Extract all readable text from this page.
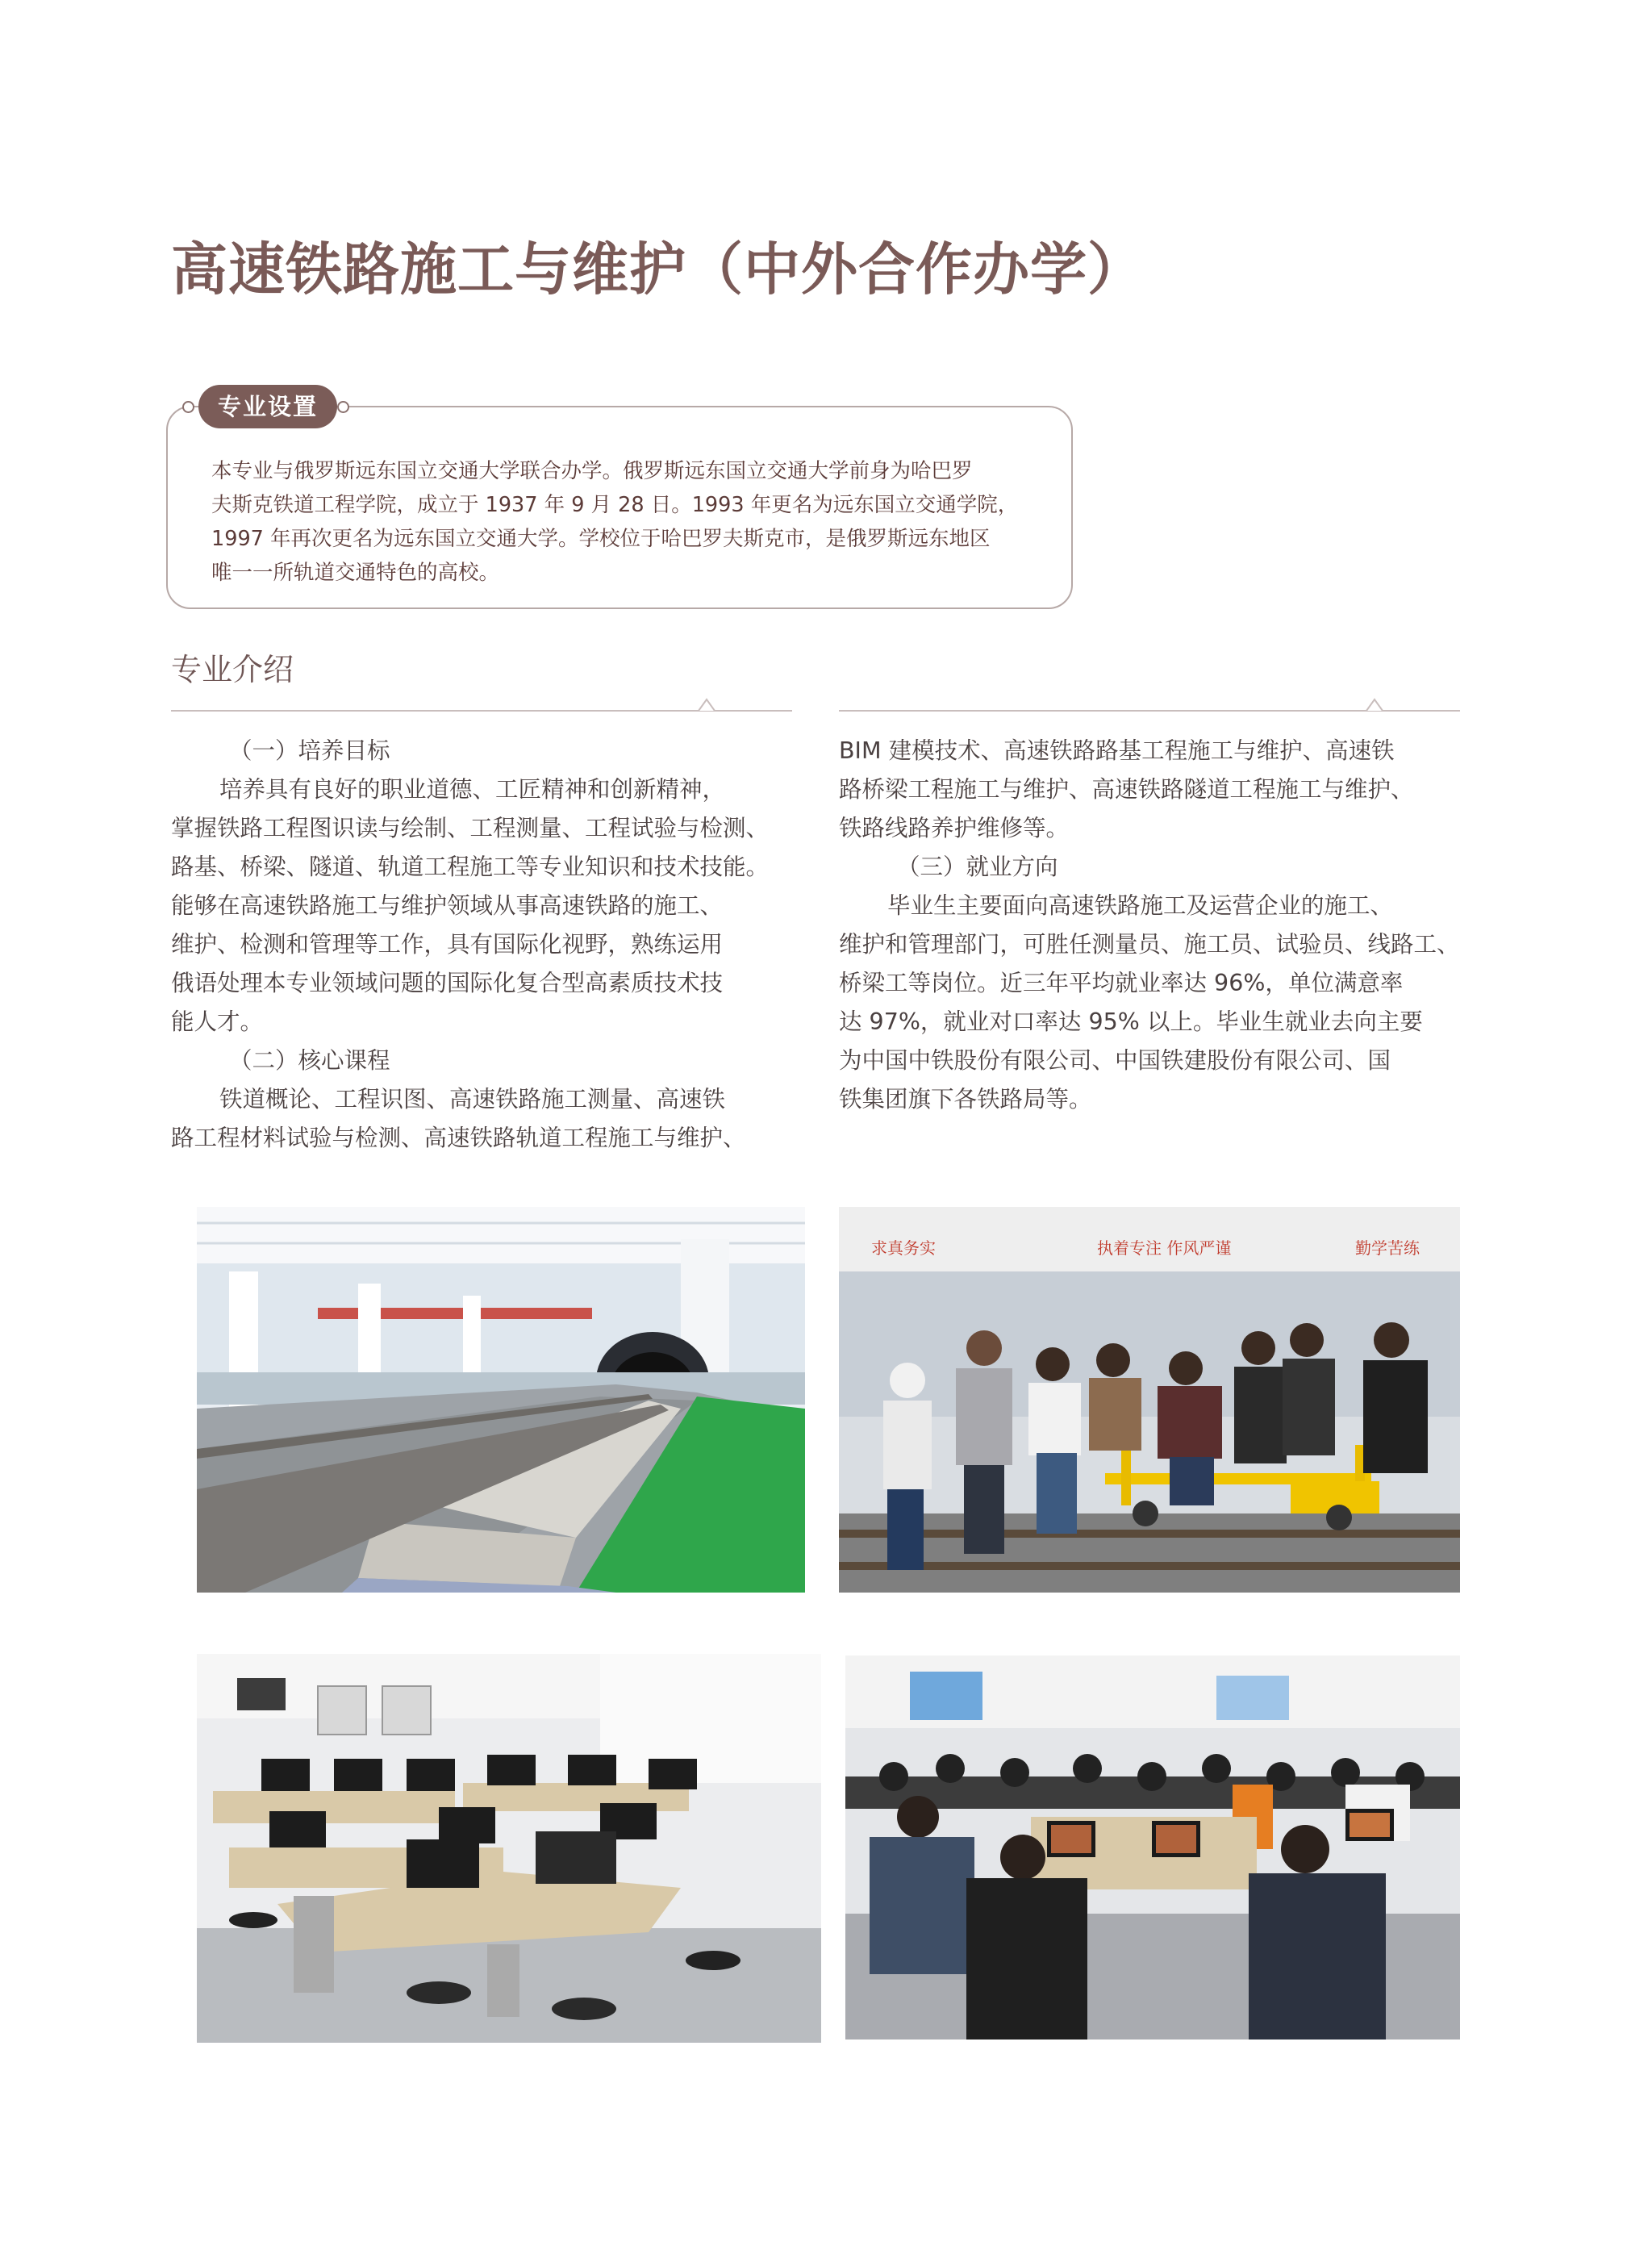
高速铁路施工与维护（中外合作办学）
专业设置

本专业与俄罗斯远东国立交通大学联合办学。俄罗斯远东国立交通大学前身为哈巴罗

夫斯克铁道工程学院，成立于 1937 年 9 月 28 日。1993 年更名为远东国立交通学院，

1997 年再次更名为远东国立交通大学。学校位于哈巴罗夫斯克市，是俄罗斯远东地区

唯一一所轨道交通特色的高校。

专业介绍

（一）培养目标

培养具有良好的职业道德、工匠精神和创新精神，

掌握铁路工程图识读与绘制、工程测量、工程试验与检测、

路基、桥梁、隧道、轨道工程施工等专业知识和技术技能。

能够在高速铁路施工与维护领域从事高速铁路的施工、

维护、检测和管理等工作，具有国际化视野，熟练运用

俄语处理本专业领域问题的国际化复合型高素质技术技

能人才。

（二）核心课程

铁道概论、工程识图、高速铁路施工测量、高速铁

路工程材料试验与检测、高速铁路轨道工程施工与维护、

BIM 建模技术、高速铁路路基工程施工与维护、高速铁

路桥梁工程施工与维护、高速铁路隧道工程施工与维护、

铁路线路养护维修等。

（三）就业方向

毕业生主要面向高速铁路施工及运营企业的施工、

维护和管理部门，可胜任测量员、施工员、试验员、线路工、

桥梁工等岗位。近三年平均就业率达 96%，单位满意率

达 97%，就业对口率达 95% 以上。毕业生就业去向主要

为中国中铁股份有限公司、中国铁建股份有限公司、国

铁集团旗下各铁路局等。

求真务实	执着专注 作风严谨	勤学苦练
